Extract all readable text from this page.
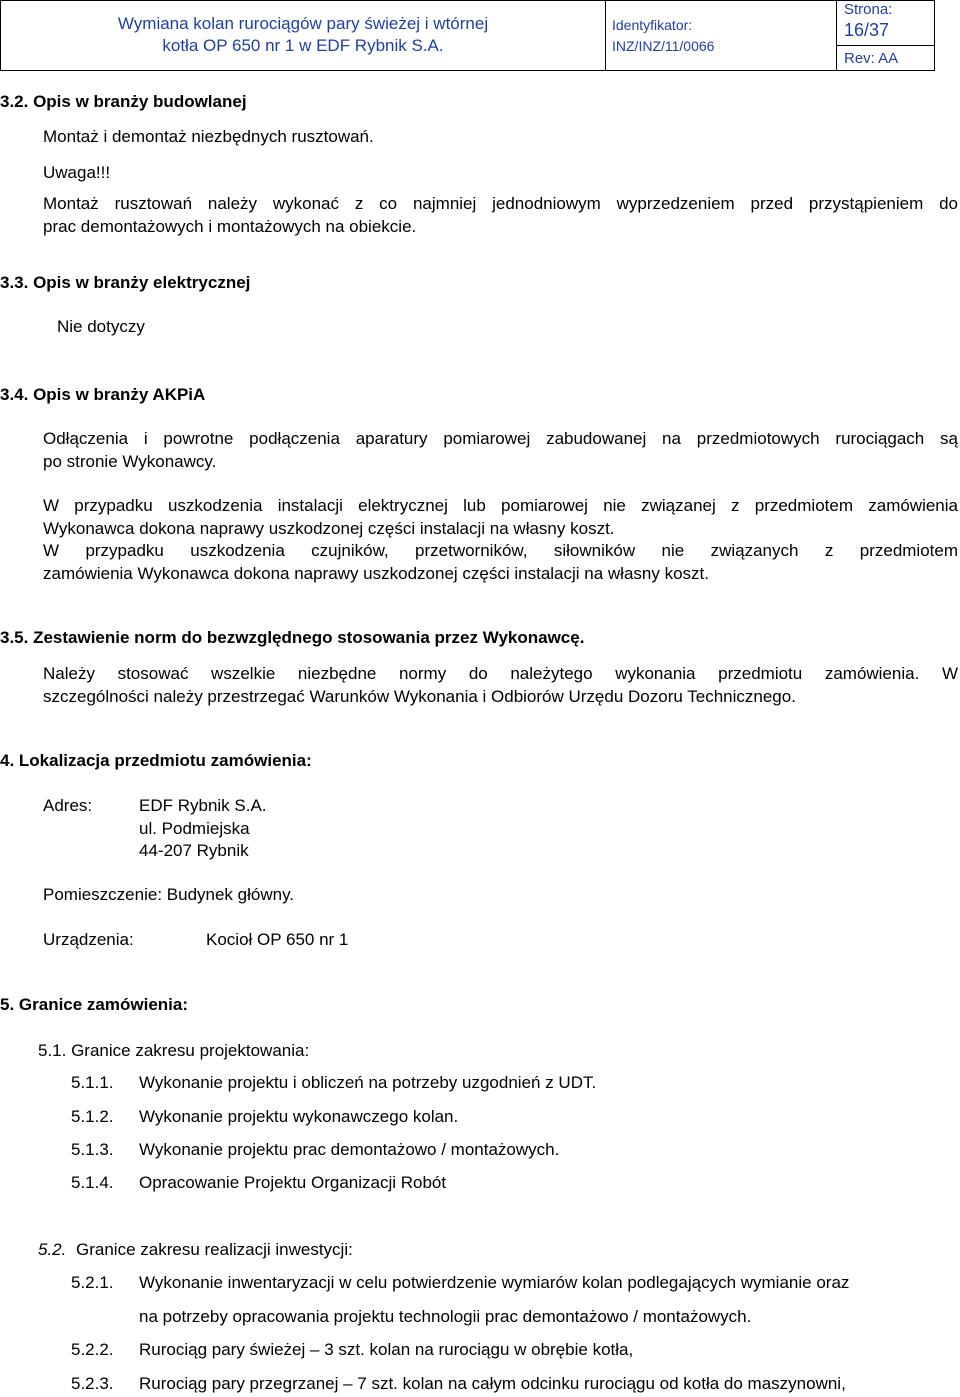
Wymiana kolan rurociągów pary świeżej i wtórnej
kotła OP 650 nr 1 w EDF Rybnik S.A.
Identyfikator:
INZ/INZ/11/0066
Strona:
16/37
Rev: AA
3.2. Opis w branży budowlanej
Montaż i demontaż niezbędnych rusztowań.
Uwaga!!!
Montaż rusztowań należy wykonać z co najmniej jednodniowym wyprzedzeniem przed przystąpieniem do
prac demontażowych i montażowych na obiekcie.
3.3. Opis w branży elektrycznej
Nie dotyczy
3.4. Opis w branży AKPiA
Odłączenia i powrotne podłączenia aparatury pomiarowej zabudowanej na przedmiotowych rurociągach są
po stronie Wykonawcy.
W przypadku uszkodzenia instalacji elektrycznej lub pomiarowej nie związanej z przedmiotem zamówienia
Wykonawca dokona naprawy uszkodzonej części instalacji na własny koszt.
W przypadku uszkodzenia czujników, przetworników, siłowników nie związanych z przedmiotem
zamówienia Wykonawca dokona naprawy uszkodzonej części instalacji na własny koszt.
3.5. Zestawienie norm do bezwzględnego stosowania przez Wykonawcę.
Należy stosować wszelkie niezbędne normy do należytego wykonania przedmiotu zamówienia. W
szczególności należy przestrzegać Warunków Wykonania i Odbiorów Urzędu Dozoru Technicznego.
4. Lokalizacja przedmiotu zamówienia:
Adres:	EDF Rybnik S.A.
ul. Podmiejska
44-207 Rybnik
Pomieszczenie: Budynek główny.
Urządzenia:	Kocioł OP 650 nr 1
5. Granice zamówienia:
5.1. Granice zakresu projektowania:
5.1.1. Wykonanie projektu i obliczeń na potrzeby uzgodnień z UDT.
5.1.2. Wykonanie projektu wykonawczego kolan.
5.1.3. Wykonanie projektu prac demontażowo / montażowych.
5.1.4. Opracowanie Projektu Organizacji Robót
5.2. Granice zakresu realizacji inwestycji:
5.2.1. Wykonanie inwentaryzacji w celu potwierdzenie wymiarów kolan podlegających wymianie oraz
na potrzeby opracowania projektu technologii prac demontażowo / montażowych.
5.2.2. Rurociąg pary świeżej – 3 szt. kolan na rurociągu w obrębie kotła,
5.2.3. Rurociąg pary przegrzanej – 7 szt. kolan na całym odcinku rurociągu od kotła do maszynowni,
